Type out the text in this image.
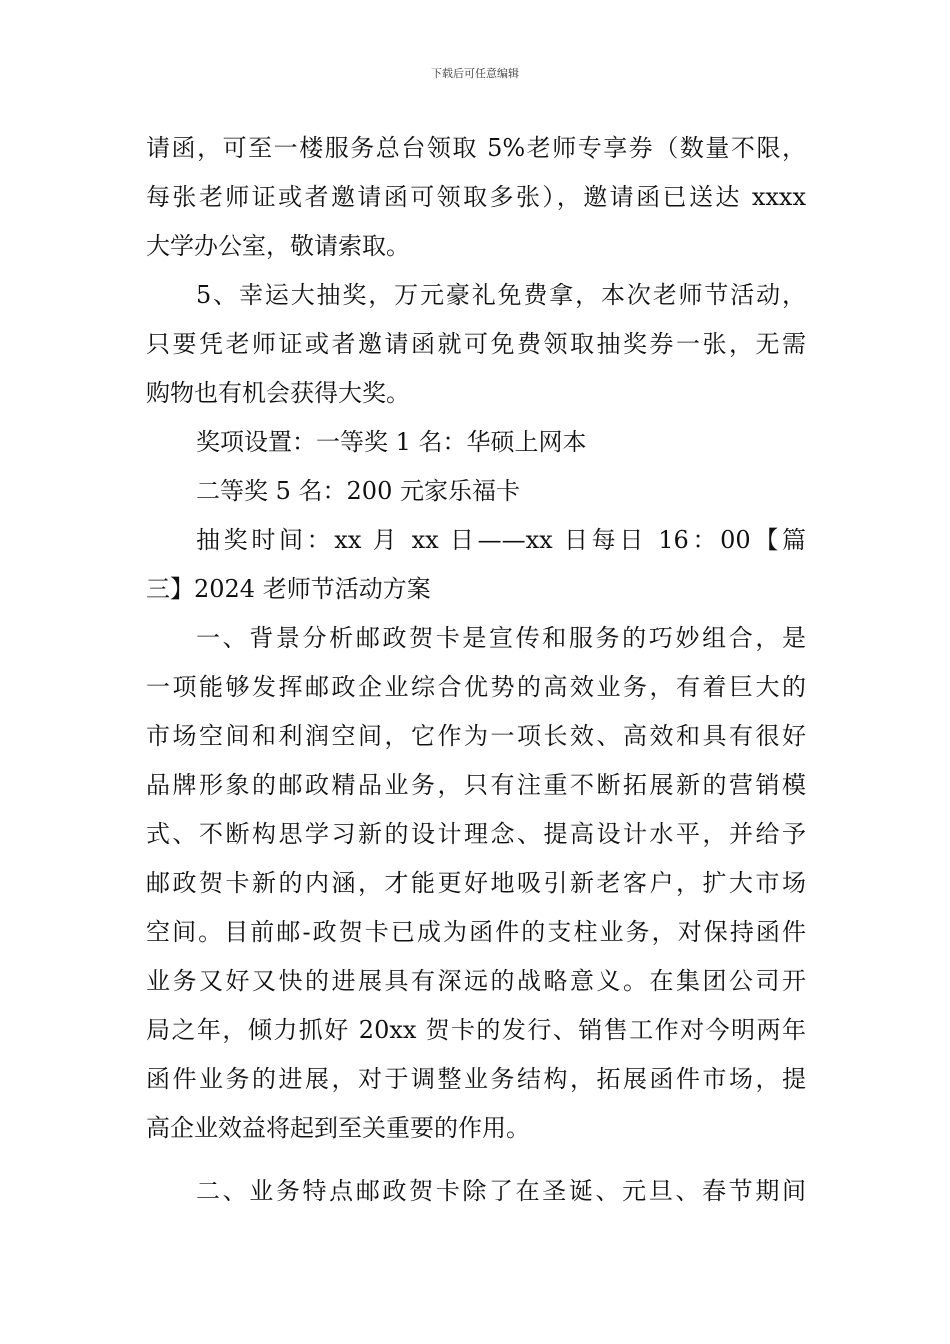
下载后可任意编辑
请函，可至一楼服务总台领取 5%老师专享券（数量不限，
每张老师证或者邀请函可领取多张），邀请函已送达 xxxx
大学办公室，敬请索取。
5、幸运大抽奖，万元豪礼免费拿，本次老师节活动，
只要凭老师证或者邀请函就可免费领取抽奖券一张，无需
购物也有机会获得大奖。
奖项设置：一等奖 1 名：华硕上网本
二等奖 5 名：200 元家乐福卡
抽奖时间：xx 月 xx 日——xx 日每日 16：00【篇
三】2024 老师节活动方案
一、背景分析邮政贺卡是宣传和服务的巧妙组合，是
一项能够发挥邮政企业综合优势的高效业务，有着巨大的
市场空间和利润空间，它作为一项长效、高效和具有很好
品牌形象的邮政精品业务，只有注重不断拓展新的营销模
式、不断构思学习新的设计理念、提高设计水平，并给予
邮政贺卡新的内涵，才能更好地吸引新老客户，扩大市场
空间。目前邮-政贺卡已成为函件的支柱业务，对保持函件
业务又好又快的进展具有深远的战略意义。在集团公司开
局之年，倾力抓好 20xx 贺卡的发行、销售工作对今明两年
函件业务的进展，对于调整业务结构，拓展函件市场，提
高企业效益将起到至关重要的作用。
二、业务特点邮政贺卡除了在圣诞、元旦、春节期间
